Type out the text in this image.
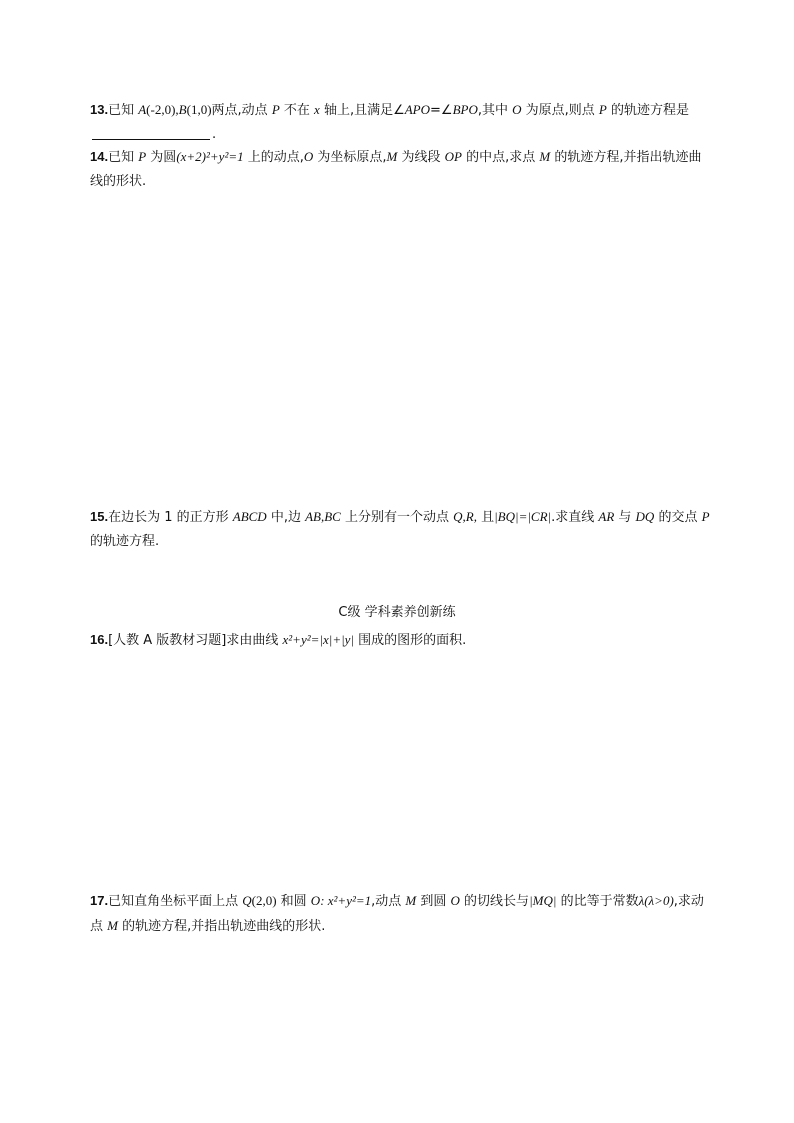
13.已知 A(-2,0),B(1,0)两点,动点 P 不在 x 轴上,且满足∠APO=∠BPO,其中 O 为原点,则点 P 的轨迹方程是.

14.已知 P 为圆(x+2)²+y²=1 上的动点,O 为坐标原点,M 为线段 OP 的中点,求点 M 的轨迹方程,并指出轨迹曲线的形状.

15.在边长为 1 的正方形 ABCD 中,边 AB,BC 上分别有一个动点 Q,R, 且|BQ|=|CR|.求直线 AR 与 DQ 的交点 P 的轨迹方程.

C级 学科素养创新练

16.[人教 A 版教材习题]求由曲线 x²+y²=|x|+|y| 围成的图形的面积.

17.已知直角坐标平面上点 Q(2,0) 和圆 O: x²+y²=1,动点 M 到圆 O 的切线长与|MQ| 的比等于常数λ(λ>0),求动点 M 的轨迹方程,并指出轨迹曲线的形状.
